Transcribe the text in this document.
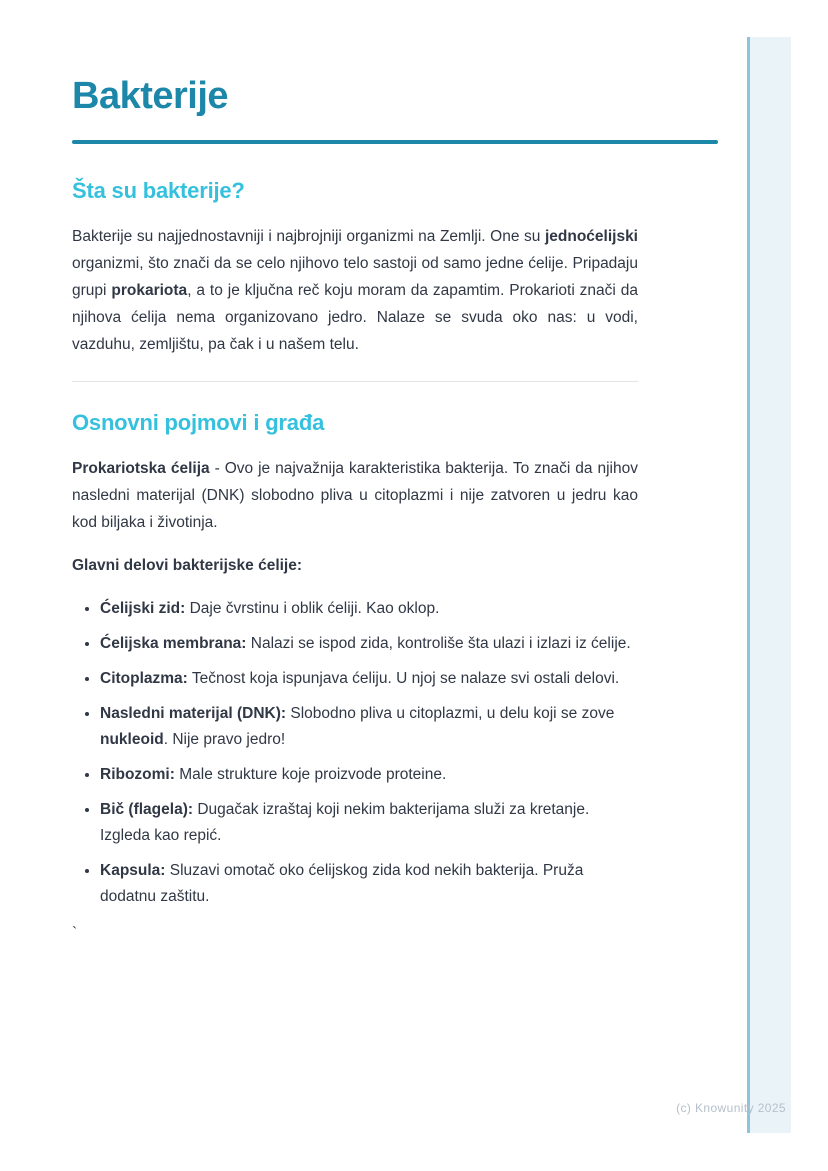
Bakterije
Šta su bakterije?

Bakterije su najjednostavniji i najbrojniji organizmi na Zemlji. One su jednoćelijski organizmi, što znači da se celo njihovo telo sastoji od samo jedne ćelije. Pripadaju grupi prokariota, a to je ključna reč koju moram da zapamtim. Prokarioti znači da njihova ćelija nema organizovano jedro. Nalaze se svuda oko nas: u vodi, vazduhu, zemljištu, pa čak i u našem telu.

Osnovni pojmovi i građa

Prokariotska ćelija - Ovo je najvažnija karakteristika bakterija. To znači da njihov nasledni materijal (DNK) slobodno pliva u citoplazmi i nije zatvoren u jedru kao kod biljaka i životinja.

Glavni delovi bakterijske ćelije:

• Ćelijski zid: Daje čvrstinu i oblik ćeliji. Kao oklop.
• Ćelijska membrana: Nalazi se ispod zida, kontroliše šta ulazi i izlazi iz ćelije.
• Citoplazma: Tečnost koja ispunjava ćeliju. U njoj se nalaze svi ostali delovi.
• Nasledni materijal (DNK): Slobodno pliva u citoplazmi, u delu koji se zove nukleoid. Nije pravo jedro!
• Ribozomi: Male strukture koje proizvode proteine.
• Bič (flagela): Dugačak izraštaj koji nekim bakterijama služi za kretanje. Izgleda kao repić.
• Kapsula: Sluzavi omotač oko ćelijskog zida kod nekih bakterija. Pruža dodatnu zaštitu.
`
(c) Knowunity 2025
